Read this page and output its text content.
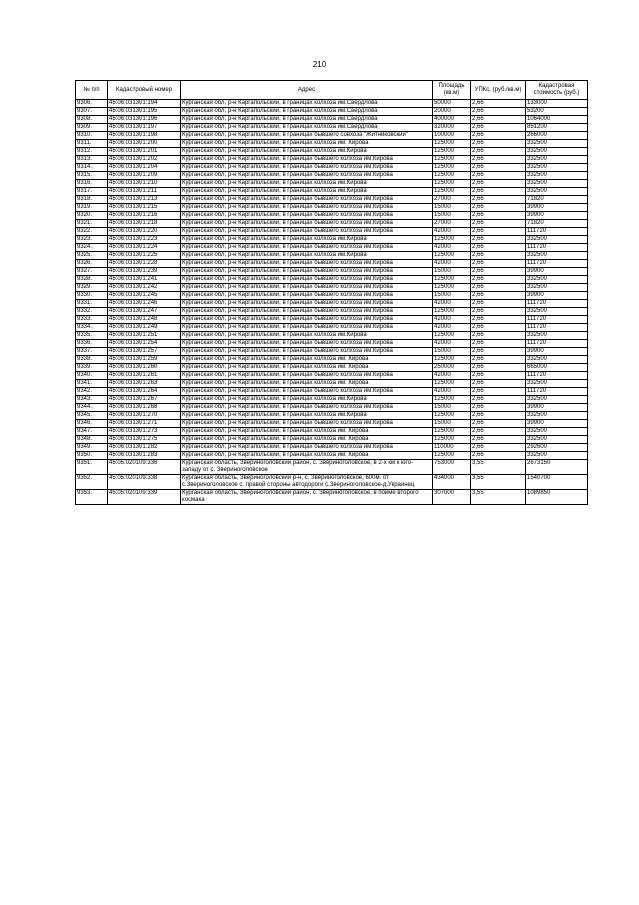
210
№ п/п	Кадастровый номер	Адрес	Площадь (кв.м)	УПКс. (руб./кв.м)	Кадастровая стоимость (руб.)
9306.	45:06:031301:194	Курганская обл, р-н Каргапольский, в границах колхоза им.Свердлова	50000	2,66	133000
9307.	45:06:031301:195	Курганская обл, р-н Каргапольский, в границах колхоза им.Свердлова	20000	2,66	53200
9308.	45:06:031301:196	Курганская обл, р-н Каргапольский, в границах колхоза им.Свердлова	400000	2,66	1064000
9309.	45:06:031301:197	Курганская обл, р-н Каргапольский, в границах колхоза им.Свердлова	320000	2,66	851200
9310.	45:06:031301:198	Курганская обл, р-н Каргапольский, в границах бывшего совхоза "Житниковский"	100000	2,66	266000
9311.	45:06:031301:200	Курганская обл, р-н Каргапольский, в границах колхоза им. Кирова	125000	2,66	332500
9312.	45:06:031301:201	Курганская обл, р-н Каргапольский, в границах колхоза им.Кирова	125000	2,66	332500
9313.	45:06:031301:202	Курганская обл, р-н Каргапольский, в границах бывшего колхоза им.Кирова	125000	2,66	332500
9314.	45:06:031301:204	Курганская обл, р-н Каргапольский, в границах бывшего колхоза им.Кирова	125000	2,66	332500
9315.	45:06:031301:209	Курганская обл, р-н Каргапольский, в границах бывшего колхоза им.Кирова	125000	2,66	332500
9316.	45:06:031301:210	Курганская обл, р-н Каргапольский, в границах колхоза им.Кирова	125000	2,66	332500
9317.	45:06:031301:211	Курганская обл, р-н Каргапольский, в границах колхоза им.Кирова	125000	2,66	332500
9318.	45:06:031301:213	Курганская обл, р-н Каргапольский, в границах бывшего колхоза им.Кирова	27000	2,66	71820
9319.	45:06:031301:215	Курганская обл, р-н Каргапольский, в границах бывшего колхоза им.Кирова	15000	2,66	39900
9320.	45:06:031301:216	Курганская обл, р-н Каргапольский, в границах бывшего колхоза им.Кирова	15000	2,66	39900
9321.	45:06:031301:218	Курганская обл, р-н Каргапольский, в границах бывшего колхоза им.Кирова	27000	2,66	71820
9322.	45:06:031301:220	Курганская обл, р-н Каргапольский, в границах бывшего колхоза им.Кирова	42000	2,66	111720
9323.	45:06:031301:223	Курганская обл, р-н Каргапольский, в границах колхоза им.Кирова	125000	2,66	332500
9324.	45:06:031301:224	Курганская обл, р-н Каргапольский, в границах бывшего колхоза им.Кирова	42000	2,66	111720
9325.	45:06:031301:225	Курганская обл, р-н Каргапольский, в границах колхоза им.Кирова	125000	2,66	332500
9326.	45:06:031301:228	Курганская обл, р-н Каргапольский, в границах бывшего колхоза им.Кирова	42000	2,66	111720
9327.	45:06:031301:239	Курганская обл, р-н Каргапольский, в границах бывшего колхоза им.Кирова	15000	2,66	39900
9328.	45:06:031301:241	Курганская обл, р-н Каргапольский, в границах бывшего колхоза им.Кирова	125000	2,66	332500
9329.	45:06:031301:242	Курганская обл, р-н Каргапольский, в границах бывшего колхоза им.Кирова	125000	2,66	332500
9330.	45:06:031301:245	Курганская обл, р-н Каргапольский, в границах бывшего колхоза им.Кирова	15000	2,66	39900
9331.	45:06:031301:246	Курганская обл, р-н Каргапольский, в границах бывшего колхоза им.Кирова	42000	2,66	111720
9332.	45:06:031301:247	Курганская обл, р-н Каргапольский, в границах бывшего колхоза им.Кирова	125000	2,66	332500
9333.	45:06:031301:248	Курганская обл, р-н Каргапольский, в границах бывшего колхоза им.Кирова	42000	2,66	111720
9334.	45:06:031301:249	Курганская обл, р-н Каргапольский, в границах бывшего колхоза им.Кирова	42000	2,66	111720
9335.	45:06:031301:251	Курганская обл, р-н Каргапольский, в границах колхоза им.Кирова	125000	2,66	332500
9336.	45:06:031301:254	Курганская обл, р-н Каргапольский, в границах бывшего колхоза им.Кирова	42000	2,66	111720
9337.	45:06:031301:257	Курганская обл, р-н Каргапольский, в границах бывшего колхоза им.Кирова	15000	2,66	39900
9338.	45:06:031301:259	Курганская обл, р-н Каргапольский, в границах колхоза им. Кирова	125000	2,66	332500
9339.	45:06:031301:260	Курганская обл, р-н Каргапольский, в границах колхоза им. Кирова	250000	2,66	665000
9340.	45:06:031301:261	Курганская обл, р-н Каргапольский, в границах бывшего колхоза им.Кирова	42000	2,66	111720
9341.	45:06:031301:263	Курганская обл, р-н Каргапольский, в границах колхоза им. Кирова	125000	2,66	332500
9342.	45:06:031301:264	Курганская обл, р-н Каргапольский, в границах бывшего колхоза им.Кирова	42000	2,66	111720
9343.	45:06:031301:267	Курганская обл, р-н Каргапольский, в границах колхоза им.Кирова	125000	2,66	332500
9344.	45:06:031301:268	Курганская обл, р-н Каргапольский, в границах бывшего колхоза им.Кирова	15000	2,66	39900
9345.	45:06:031301:270	Курганская обл, р-н Каргапольский, в границах колхоза им.Кирова	125000	2,66	332500
9346.	45:06:031301:271	Курганская обл, р-н Каргапольский, в границах бывшего колхоза им.Кирова	15000	2,66	39900
9347.	45:06:031301:273	Курганская обл, р-н Каргапольский, в границах колхоза им. Кирова	125000	2,66	332500
9348.	45:06:031301:275	Курганская обл, р-н Каргапольский, в границах колхоза им. Кирова	125000	2,66	332500
9349.	45:06:031301:282	Курганская обл, р-н Каргапольский, в границах бывшего колхоза им.Кирова	110000	2,66	292600
9350.	45:06:031301:283	Курганская обл, р-н Каргапольский, в границах колхоза им. Кирова	125000	2,66	332500
9351.	45:05:020109:336	Курганская область, Звериноголовский район, с. Звериноголовское, в 2-х км к юго-западу от с. Звериноголовское	753000	3,55	2673150
9352.	45:05:020109:338	Курганская область, Звериноголовский р-н, с. Звериноголовское, 600м. от с.Звериноголовское с. правой стороны автодороги с.Звериноголовское-д.Украинец	434000	3,55	1540700
9353.	45:05:020109:339	Курганская область, Звериноголовский район, с. Звериноголовское, в пойме второго космака	307000	3,55	1089850
